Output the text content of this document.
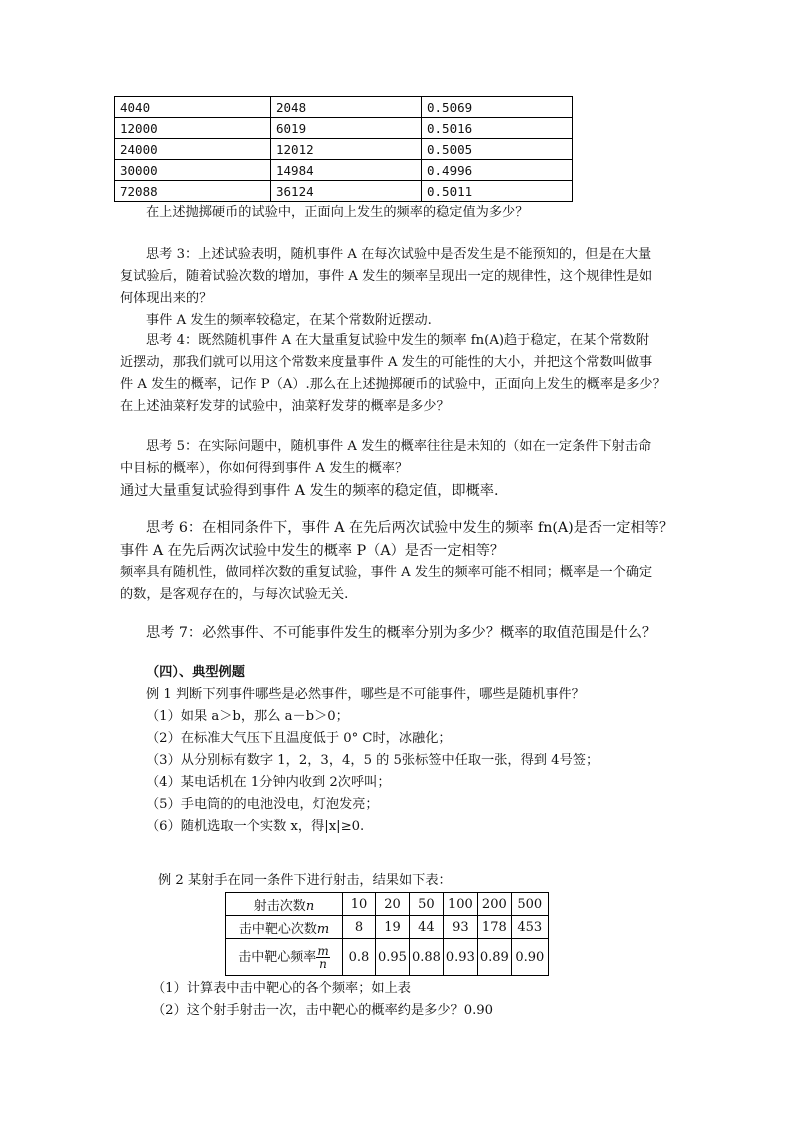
4040	2048	0.5069
12000	6019	0.5016
24000	12012	0.5005
30000	14984	0.4996
72088	36124	0.5011
在上述抛掷硬币的试验中，正面向上发生的频率的稳定值为多少？
思考 3：上述试验表明，随机事件 A 在每次试验中是否发生是不能预知的，但是在大量
复试验后，随着试验次数的增加，事件 A 发生的频率呈现出一定的规律性，这个规律性是如
何体现出来的？
事件 A 发生的频率较稳定，在某个常数附近摆动.
思考 4：既然随机事件 A 在大量重复试验中发生的频率 fn(A)趋于稳定，在某个常数附
近摆动，那我们就可以用这个常数来度量事件 A 发生的可能性的大小，并把这个常数叫做事
件 A 发生的概率，记作 P（A）.那么在上述抛掷硬币的试验中，正面向上发生的概率是多少？
在上述油菜籽发芽的试验中，油菜籽发芽的概率是多少？
思考 5：在实际问题中，随机事件 A 发生的概率往往是未知的（如在一定条件下射击命
中目标的概率），你如何得到事件 A 发生的概率？
通过大量重复试验得到事件 A 发生的频率的稳定值，即概率.
思考 6：在相同条件下，事件 A 在先后两次试验中发生的频率 fn(A)是否一定相等？
事件 A 在先后两次试验中发生的概率 P（A）是否一定相等？
频率具有随机性，做同样次数的重复试验，事件 A 发生的频率可能不相同；概率是一个确定
的数，是客观存在的，与每次试验无关.
思考 7：必然事件、不可能事件发生的概率分别为多少？概率的取值范围是什么？
（四）、典型例题
例 1 判断下列事件哪些是必然事件，哪些是不可能事件，哪些是随机事件？
（1）如果 a＞b，那么 a－b＞0；
（2）在标准大气压下且温度低于 0° C时，冰融化；
（3）从分别标有数字 1，2，3，4，5 的 5张标签中任取一张，得到 4号签；
（4）某电话机在 1分钟内收到 2次呼叫；
（5）手电筒的的电池没电，灯泡发亮；
（6）随机选取一个实数 x，得|x|≥0.
例 2 某射手在同一条件下进行射击，结果如下表：
射击次数n	10	20	50	100	200	500
击中靶心次数m	8	19	44	93	178	453
击中靶心频率 $\frac{m}{n}$	0.8	0.95	0.88	0.93	0.89	0.90
（1）计算表中击中靶心的各个频率；如上表
（2）这个射手射击一次，击中靶心的概率约是多少？0.90
